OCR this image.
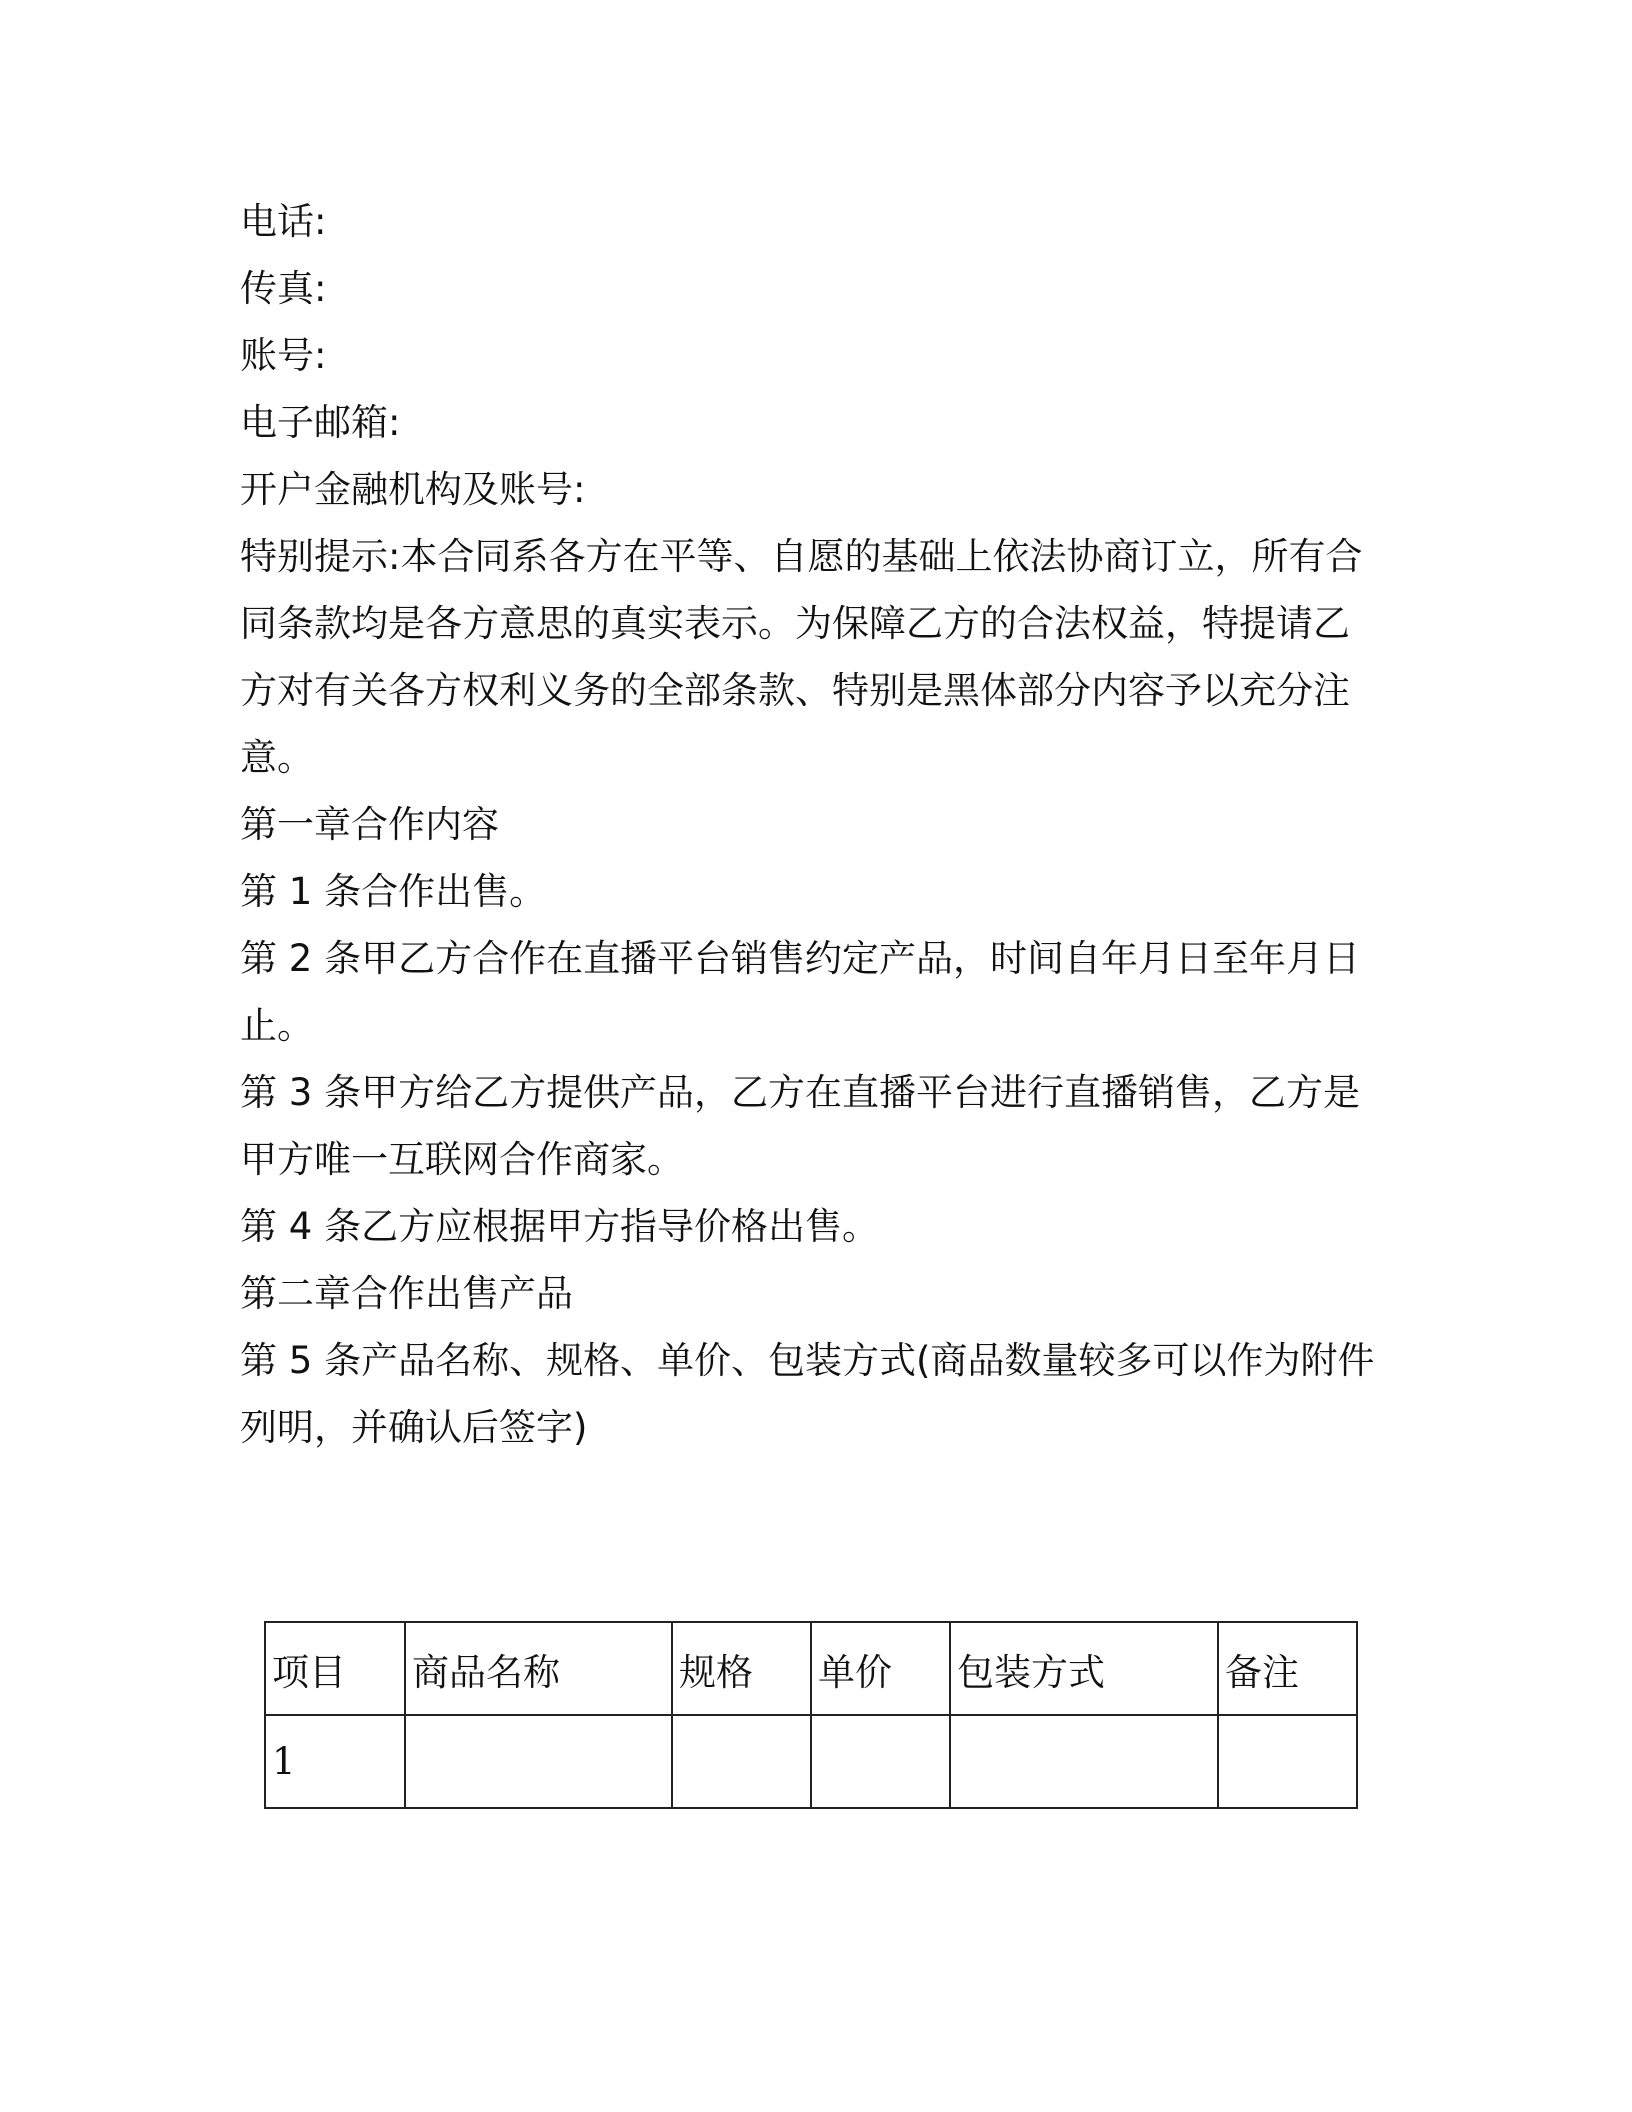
电话:

传真:

账号:

电子邮箱:

开户金融机构及账号:

特别提示:本合同系各方在平等、自愿的基础上依法协商订立，所有合
同条款均是各方意思的真实表示。为保障乙方的合法权益，特提请乙
方对有关各方权利义务的全部条款、特别是黑体部分内容予以充分注
意。

第一章合作内容

第 1 条合作出售。

第 2 条甲乙方合作在直播平台销售约定产品，时间自年月日至年月日
止。

第 3 条甲方给乙方提供产品，乙方在直播平台进行直播销售，乙方是
甲方唯一互联网合作商家。

第 4 条乙方应根据甲方指导价格出售。

第二章合作出售产品

第 5 条产品名称、规格、单价、包装方式(商品数量较多可以作为附件
列明，并确认后签字)

项目	商品名称	规格	单价	包装方式	备注
1					
